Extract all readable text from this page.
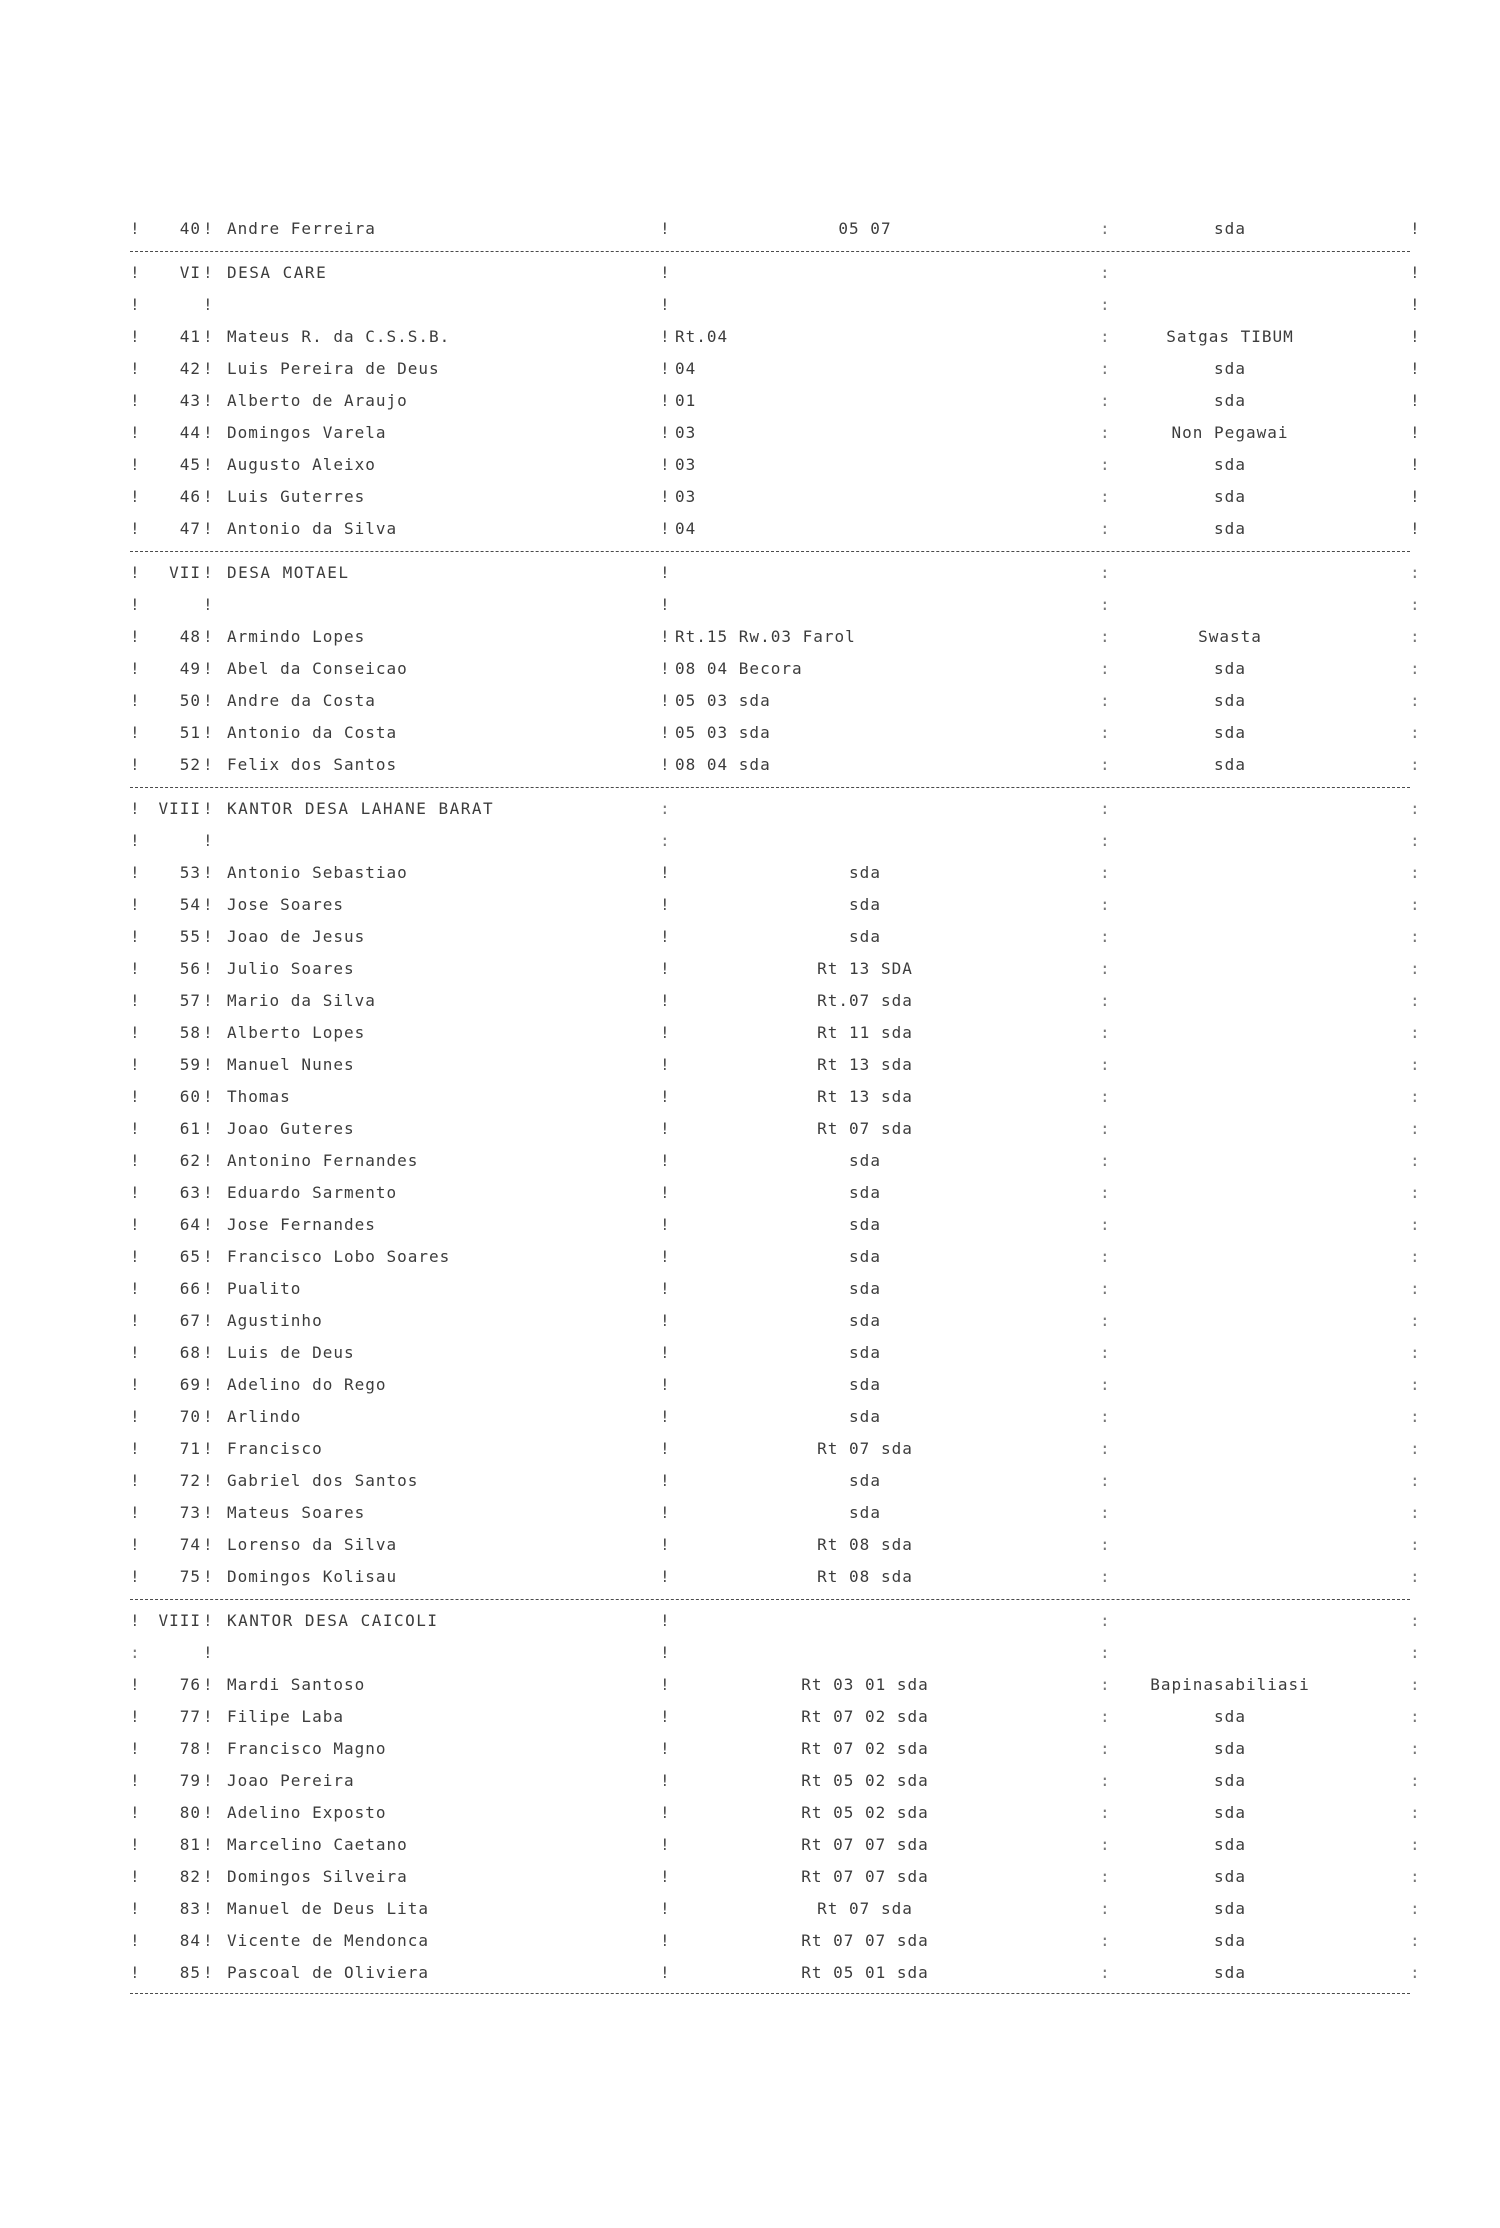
!	40 ! Andre Ferreira	!	05 07	:	sda	!
!	VI ! DESA CARE	!	:	!
!	!	!	:	!
!	41 ! Mateus R. da C.S.S.B.	! Rt.04	:	Satgas TIBUM	!
!	42 ! Luis Pereira de Deus	! 04	:	sda	!
!	43 ! Alberto de Araujo	! 01	:	sda	!
!	44 ! Domingos Varela	! 03	:	Non Pegawai	!
!	45 ! Augusto Aleixo	! 03	:	sda	!
!	46 ! Luis Guterres	! 03	:	sda	!
!	47 ! Antonio da Silva	! 04	:	sda	!
!	VII ! DESA MOTAEL	!	:	:
!	!	!	:	:
!	48 ! Armindo Lopes	! Rt.15 Rw.03 Farol	:	Swasta	:
!	49 ! Abel da Conseicao	! 08 04 Becora	:	sda	:
!	50 ! Andre da Costa	! 05 03 sda	:	sda	:
!	51 ! Antonio da Costa	! 05 03 sda	:	sda	:
!	52 ! Felix dos Santos	! 08 04 sda	:	sda	:
!	VIII ! KANTOR DESA LAHANE BARAT	:	:	:
!	!	:	:	:
!	53 ! Antonio Sebastiao	!	sda	:	:
!	54 ! Jose Soares	!	sda	:	:
!	55 ! Joao de Jesus	!	sda	:	:
!	56 ! Julio Soares	!	Rt 13 SDA	:	:
!	57 ! Mario da Silva	!	Rt.07 sda	:	:
!	58 ! Alberto Lopes	!	Rt 11 sda	:	:
!	59 ! Manuel Nunes	!	Rt 13 sda	:	:
!	60 ! Thomas	!	Rt 13 sda	:	:
!	61 ! Joao Guteres	!	Rt 07 sda	:	:
!	62 ! Antonino Fernandes	!	sda	:	:
!	63 ! Eduardo Sarmento	!	sda	:	:
!	64 ! Jose Fernandes	!	sda	:	:
!	65 ! Francisco Lobo Soares	!	sda	:	:
!	66 ! Pualito	!	sda	:	:
!	67 ! Agustinho	!	sda	:	:
!	68 ! Luis de Deus	!	sda	:	:
!	69 ! Adelino do Rego	!	sda	:	:
!	70 ! Arlindo	!	sda	:	:
!	71 ! Francisco	!	Rt 07 sda	:	:
!	72 ! Gabriel dos Santos	!	sda	:	:
!	73 ! Mateus Soares	!	sda	:	:
!	74 ! Lorenso da Silva	!	Rt 08 sda	:	:
!	75 ! Domingos Kolisau	!	Rt 08 sda	:	:
!	VIII ! KANTOR DESA CAICOLI	!	:	:
:	!	!	:	:
!	76 ! Mardi Santoso	!	Rt 03 01 sda	:	Bapinasabiliasi	:
!	77 ! Filipe Laba	!	Rt 07 02 sda	:	sda	:
!	78 ! Francisco Magno	!	Rt 07 02 sda	:	sda	:
!	79 ! Joao Pereira	!	Rt 05 02 sda	:	sda	:
!	80 ! Adelino Exposto	!	Rt 05 02 sda	:	sda	:
!	81 ! Marcelino Caetano	!	Rt 07 07 sda	:	sda	:
!	82 ! Domingos Silveira	!	Rt 07 07 sda	:	sda	:
!	83 ! Manuel de Deus Lita	!	Rt 07 sda	:	sda	:
!	84 ! Vicente de Mendonca	!	Rt 07 07 sda	:	sda	:
!	85 ! Pascoal de Oliviera	!	Rt 05 01 sda	:	sda	:
